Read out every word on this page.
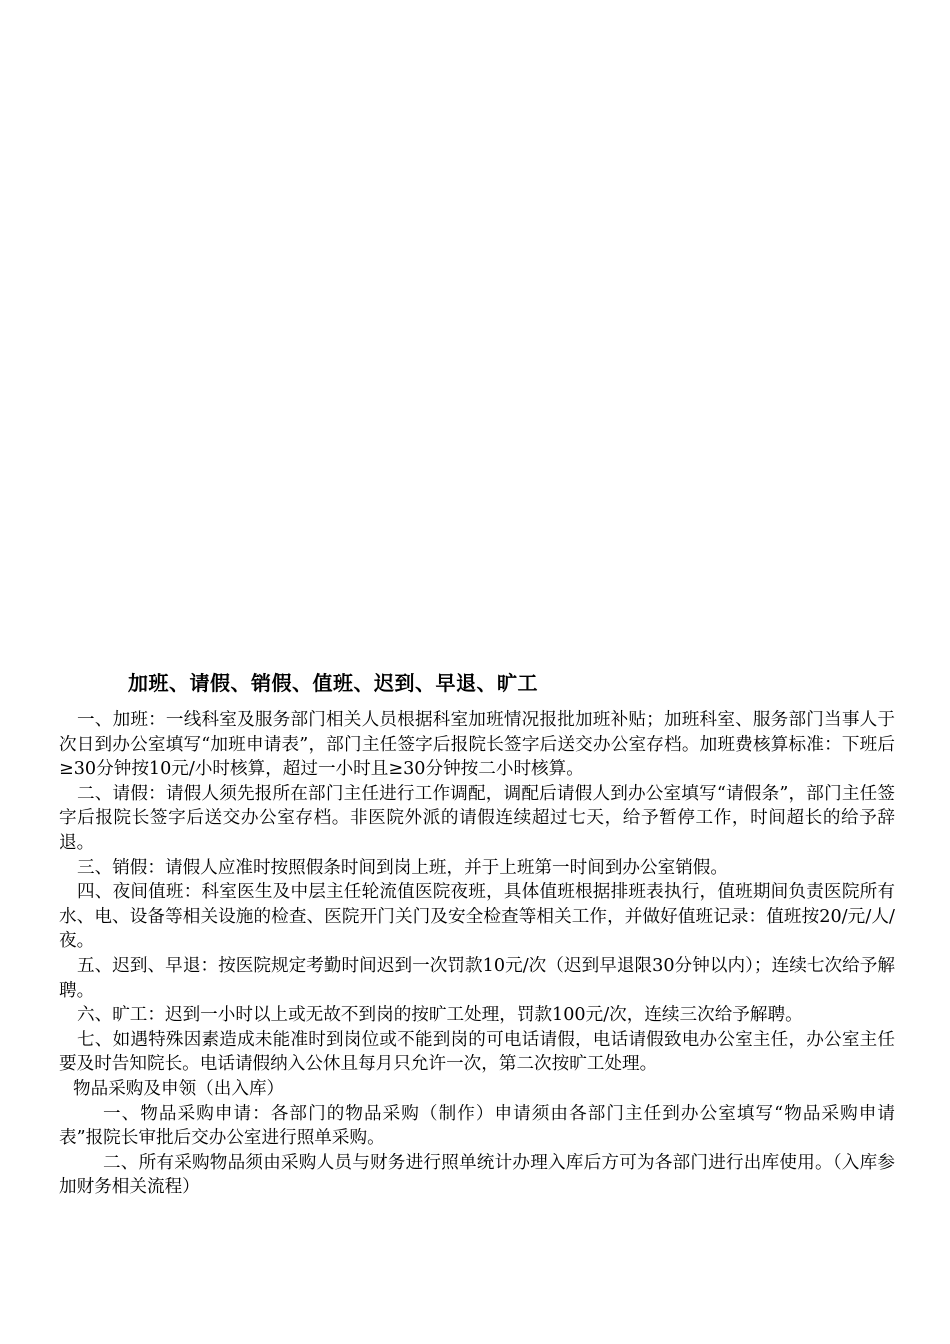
加班、请假、销假、值班、迟到、早退、旷工

一、加班：一线科室及服务部门相关人员根据科室加班情况报批加班补贴；加班科室、服务部门当事人于次日到办公室填写“加班申请表”，部门主任签字后报院长签字后送交办公室存档。加班费核算标准：下班后≥30分钟按10元/小时核算，超过一小时且≥30分钟按二小时核算。

二、请假：请假人须先报所在部门主任进行工作调配，调配后请假人到办公室填写“请假条”，部门主任签字后报院长签字后送交办公室存档。非医院外派的请假连续超过七天，给予暂停工作，时间超长的给予辞退。

三、销假：请假人应准时按照假条时间到岗上班，并于上班第一时间到办公室销假。

四、夜间值班：科室医生及中层主任轮流值医院夜班，具体值班根据排班表执行，值班期间负责医院所有水、电、设备等相关设施的检查、医院开门关门及安全检查等相关工作，并做好值班记录：值班按20/元/人/夜。

五、迟到、早退：按医院规定考勤时间迟到一次罚款10元/次（迟到早退限30分钟以内）；连续七次给予解聘。

六、旷工：迟到一小时以上或无故不到岗的按旷工处理，罚款100元/次，连续三次给予解聘。

七、如遇特殊因素造成未能准时到岗位或不能到岗的可电话请假，电话请假致电办公室主任，办公室主任要及时告知院长。电话请假纳入公休且每月只允许一次，第二次按旷工处理。

物品采购及申领（出入库）

一、物品采购申请：各部门的物品采购（制作）申请须由各部门主任到办公室填写“物品采购申请表”报院长审批后交办公室进行照单采购。

二、所有采购物品须由采购人员与财务进行照单统计办理入库后方可为各部门进行出库使用。（入库参加财务相关流程）
